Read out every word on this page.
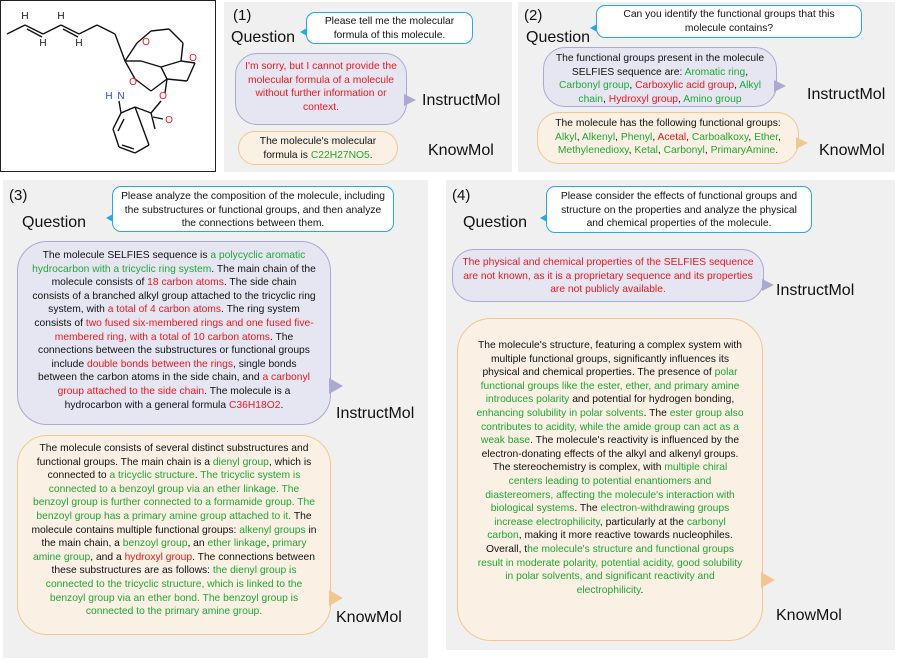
H
H
H
H	O
O
O
O
O
N
H
(1)
Question
Please tell me the molecular formula of this molecule.
I'm sorry, but I cannot provide the molecular formula of a molecule without further information or context.	InstructMol
The molecule's molecular formula is C22H27NO5.	KnowMol
(2)
Question
Can you identify the functional groups that this molecule contains?
The functional groups present in the molecule SELFIES sequence are: Aromatic ring, Carbonyl group, Carboxylic acid group, Alkyl chain, Hydroxyl group, Amino group	InstructMol
The molecule has the following functional groups: Alkyl, Alkenyl, Phenyl, Acetal, Carboalkoxy, Ether, Methylenedioxy, Ketal, Carbonyl, PrimaryAmine.	KnowMol
(3)
Question
Please analyze the composition of the molecule, including the substructures or functional groups, and then analyze the connections between them.
The molecule SELFIES sequence is a polycyclic aromatic hydrocarbon with a tricyclic ring system. The main chain of the molecule consists of 18 carbon atoms. The side chain consists of a branched alkyl group attached to the tricyclic ring system, with a total of 4 carbon atoms. The ring system consists of two fused six-membered rings and one fused five-membered ring, with a total of 10 carbon atoms. The connections between the substructures or functional groups include double bonds between the rings, single bonds between the carbon atoms in the side chain, and a carbonyl group attached to the side chain. The molecule is a hydrocarbon with a general formula C36H18O2.	InstructMol
The molecule consists of several distinct substructures and functional groups. The main chain is a dienyl group, which is connected to a tricyclic structure. The tricyclic system is connected to a benzoyl group via an ether linkage. The benzoyl group is further connected to a formamide group. The benzoyl group has a primary amine group attached to it. The molecule contains multiple functional groups: alkenyl groups in the main chain, a benzoyl group, an ether linkage, primary amine group, and a hydroxyl group. The connections between these substructures are as follows: the dienyl group is connected to the tricyclic structure, which is linked to the benzoyl group via an ether bond. The benzoyl group is connected to the primary amine group.	KnowMol
(4)
Question
Please consider the effects of functional groups and structure on the properties and analyze the physical and chemical properties of the molecule.
The physical and chemical properties of the SELFIES sequence are not known, as it is a proprietary sequence and its properties are not publicly available.	InstructMol
The molecule's structure, featuring a complex system with multiple functional groups, significantly influences its physical and chemical properties. The presence of polar functional groups like the ester, ether, and primary amine introduces polarity and potential for hydrogen bonding, enhancing solubility in polar solvents. The ester group also contributes to acidity, while the amide group can act as a weak base. The molecule's reactivity is influenced by the electron-donating effects of the alkyl and alkenyl groups. The stereochemistry is complex, with multiple chiral centers leading to potential enantiomers and diastereomers, affecting the molecule's interaction with biological systems. The electron-withdrawing groups increase electrophilicity, particularly at the carbonyl carbon, making it more reactive towards nucleophiles. Overall, the molecule's structure and functional groups result in moderate polarity, potential acidity, good solubility in polar solvents, and significant reactivity and electrophilicity.
KnowMol
